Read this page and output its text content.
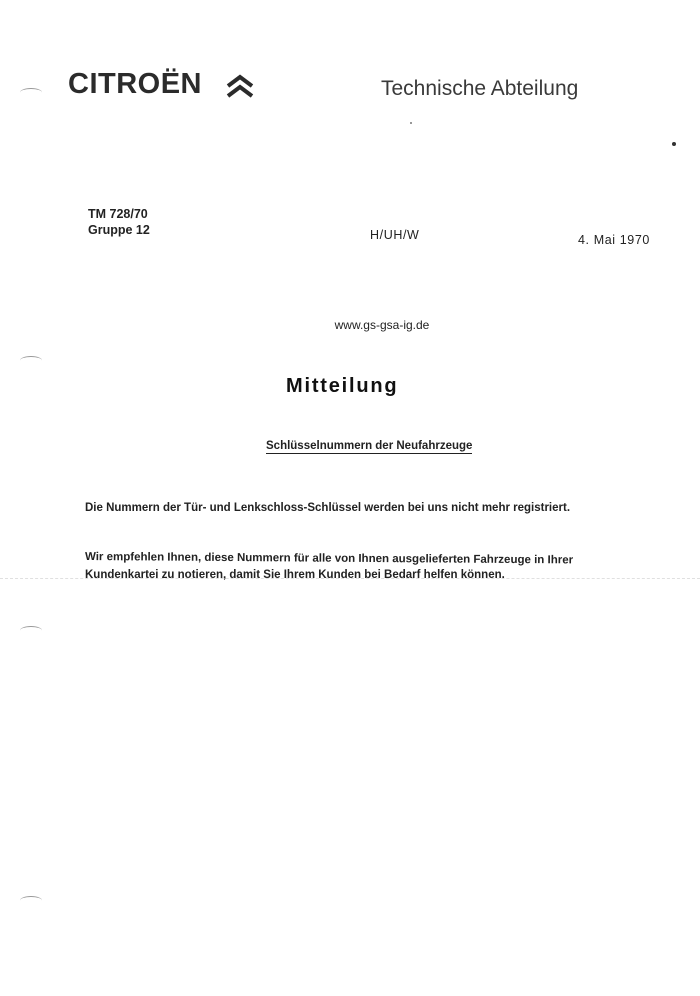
CITROËN	Technische Abteilung
TM 728/70
Gruppe 12	H/UH/W	4. Mai 1970
www.gs-gsa-ig.de
Mitteilung
Schlüsselnummern der Neufahrzeuge
Die Nummern der Tür- und Lenkschloss-Schlüssel werden bei uns nicht mehr registriert.
Wir empfehlen Ihnen, diese Nummern für alle von Ihnen ausgelieferten Fahrzeuge in Ihrer
Kundenkartei zu notieren, damit Sie Ihrem Kunden bei Bedarf helfen können.
